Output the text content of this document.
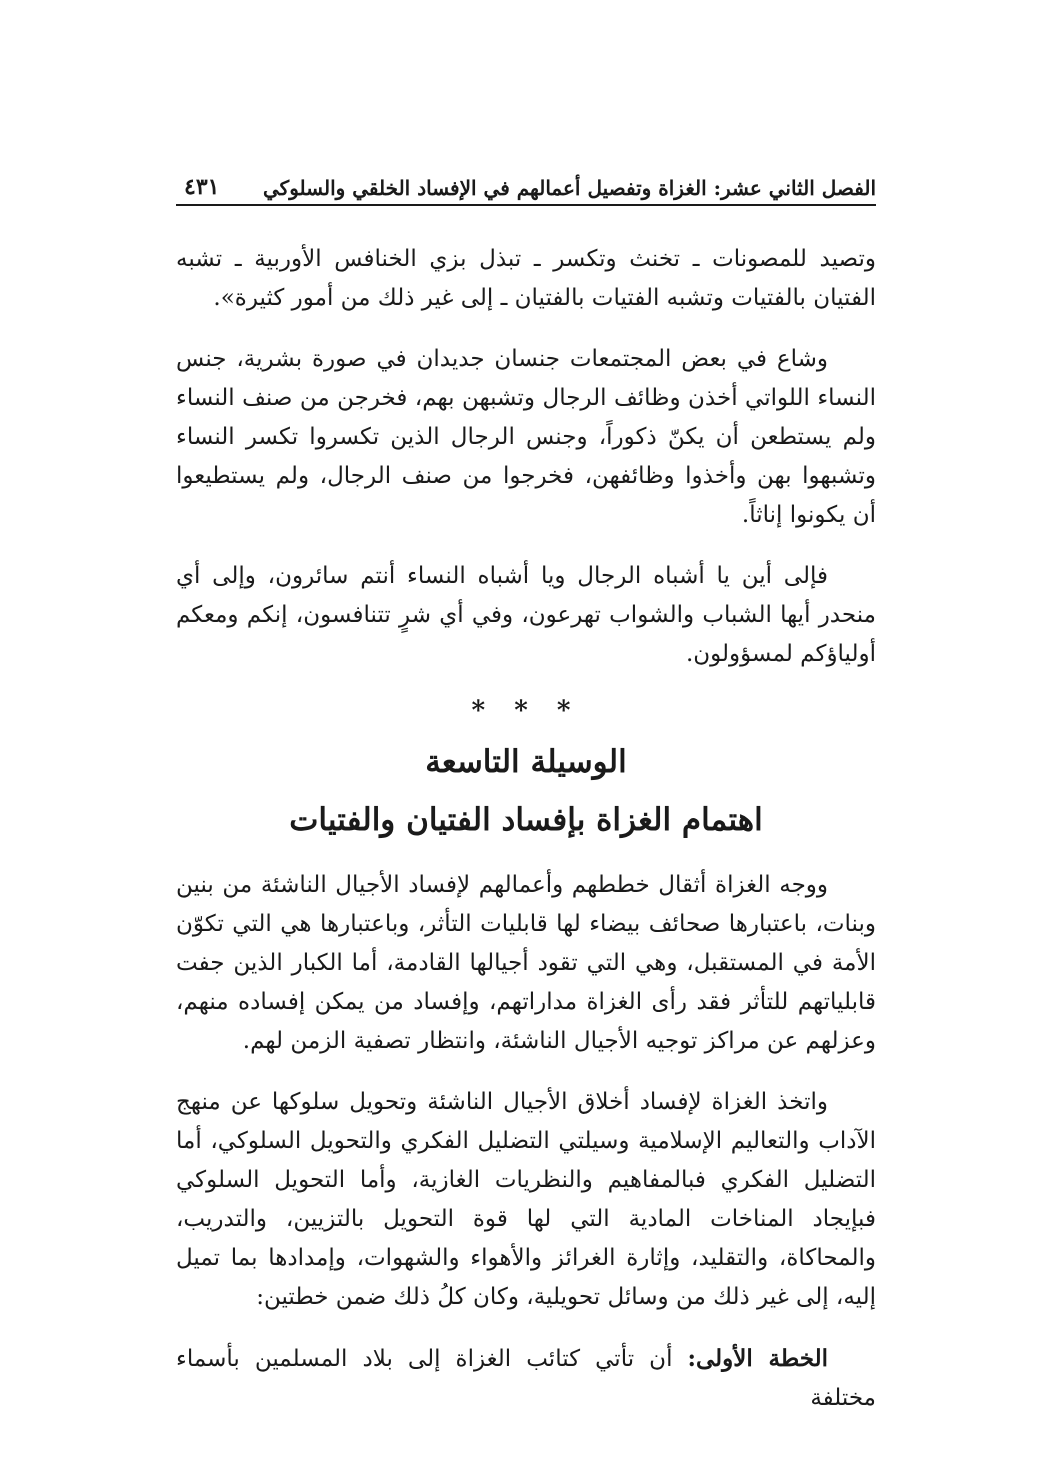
الفصل الثاني عشر: الغزاة وتفصيل أعمالهم في الإفساد الخلقي والسلوكي
٤٣١

وتصيد للمصونات ـ تخنث وتكسر ـ تبذل بزي الخنافس الأوربية ـ تشبه الفتيان بالفتيات وتشبه الفتيات بالفتيان ـ إلى غير ذلك من أمور كثيرة».

وشاع في بعض المجتمعات جنسان جديدان في صورة بشرية، جنس النساء اللواتي أخذن وظائف الرجال وتشبهن بهم، فخرجن من صنف النساء ولم يستطعن أن يكنّ ذكوراً، وجنس الرجال الذين تكسروا تكسر النساء وتشبهوا بهن وأخذوا وظائفهن، فخرجوا من صنف الرجال، ولم يستطيعوا أن يكونوا إناثاً.

فإلى أين يا أشباه الرجال ويا أشباه النساء أنتم سائرون، وإلى أي منحدر أيها الشباب والشواب تهرعون، وفي أي شرٍ تتنافسون، إنكم ومعكم أولياؤكم لمسؤولون.

* * *
الوسيلة التاسعة
اهتمام الغزاة بإفساد الفتيان والفتيات

ووجه الغزاة أثقال خططهم وأعمالهم لإفساد الأجيال الناشئة من بنين وبنات، باعتبارها صحائف بيضاء لها قابليات التأثر، وباعتبارها هي التي تكوّن الأمة في المستقبل، وهي التي تقود أجيالها القادمة، أما الكبار الذين جفت قابلياتهم للتأثر فقد رأى الغزاة مداراتهم، وإفساد من يمكن إفساده منهم، وعزلهم عن مراكز توجيه الأجيال الناشئة، وانتظار تصفية الزمن لهم.

واتخذ الغزاة لإفساد أخلاق الأجيال الناشئة وتحويل سلوكها عن منهج الآداب والتعاليم الإسلامية وسيلتي التضليل الفكري والتحويل السلوكي، أما التضليل الفكري فبالمفاهيم والنظريات الغازية، وأما التحويل السلوكي فبإيجاد المناخات المادية التي لها قوة التحويل بالتزيين، والتدريب، والمحاكاة، والتقليد، وإثارة الغرائز والأهواء والشهوات، وإمدادها بما تميل إليه، إلى غير ذلك من وسائل تحويلية، وكان كلُ ذلك ضمن خطتين:

الخطة الأولى: أن تأتي كتائب الغزاة إلى بلاد المسلمين بأسماء مختلفة
